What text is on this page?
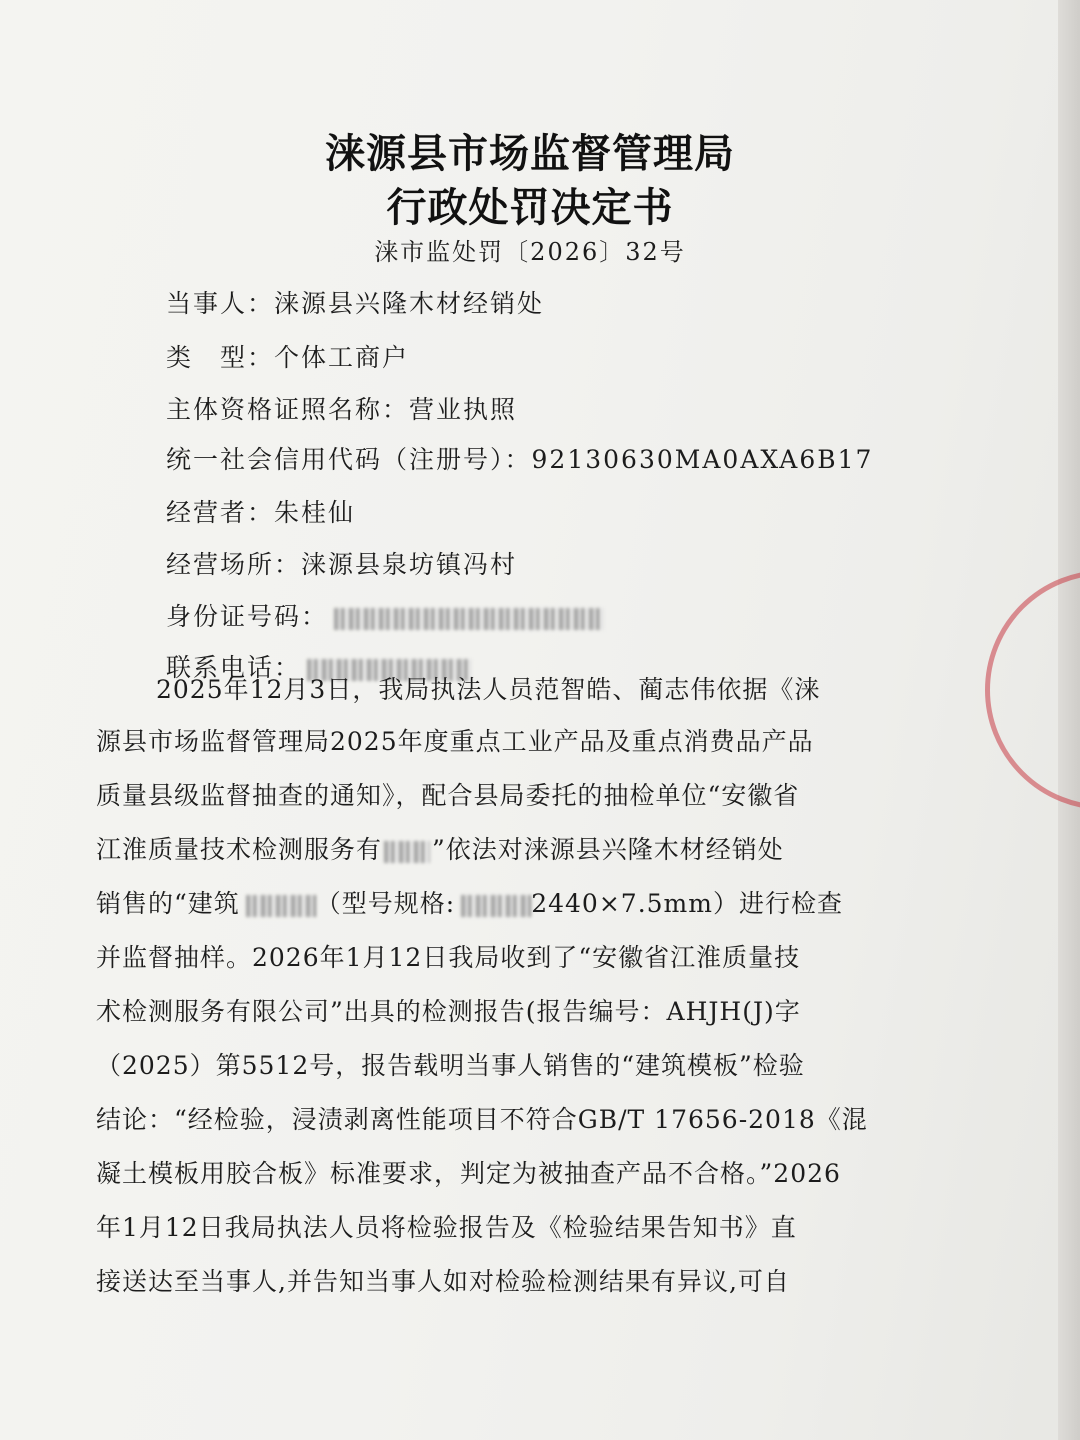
涞源县市场监督管理局
行政处罚决定书
涞市监处罚〔2026〕32号
当事人：涞源县兴隆木材经销处
类　型：个体工商户
主体资格证照名称：营业执照
统一社会信用代码（注册号）：92130630MA0AXA6B17
经营者：朱桂仙
经营场所：涞源县泉坊镇冯村
身份证号码：
联系电话：
2025年12月3日，我局执法人员范智皓、蔺志伟依据《涞
源县市场监督管理局2025年度重点工业产品及重点消费品产品
质量县级监督抽查的通知》，配合县局委托的抽检单位“安徽省
江淮质量技术检测服务有 ”依法对涞源县兴隆木材经销处
销售的“建筑	（型号规格:	2440×7.5mm）进行检查
并监督抽样。2026年1月12日我局收到了“安徽省江淮质量技
术检测服务有限公司”出具的检测报告(报告编号：AHJH(J)字
（2025）第5512号，报告载明当事人销售的“建筑模板”检验
结论：“经检验，浸渍剥离性能项目不符合GB/T 17656-2018《混
凝土模板用胶合板》标准要求，判定为被抽查产品不合格。”2026
年1月12日我局执法人员将检验报告及《检验结果告知书》直
接送达至当事人,并告知当事人如对检验检测结果有异议,可自
